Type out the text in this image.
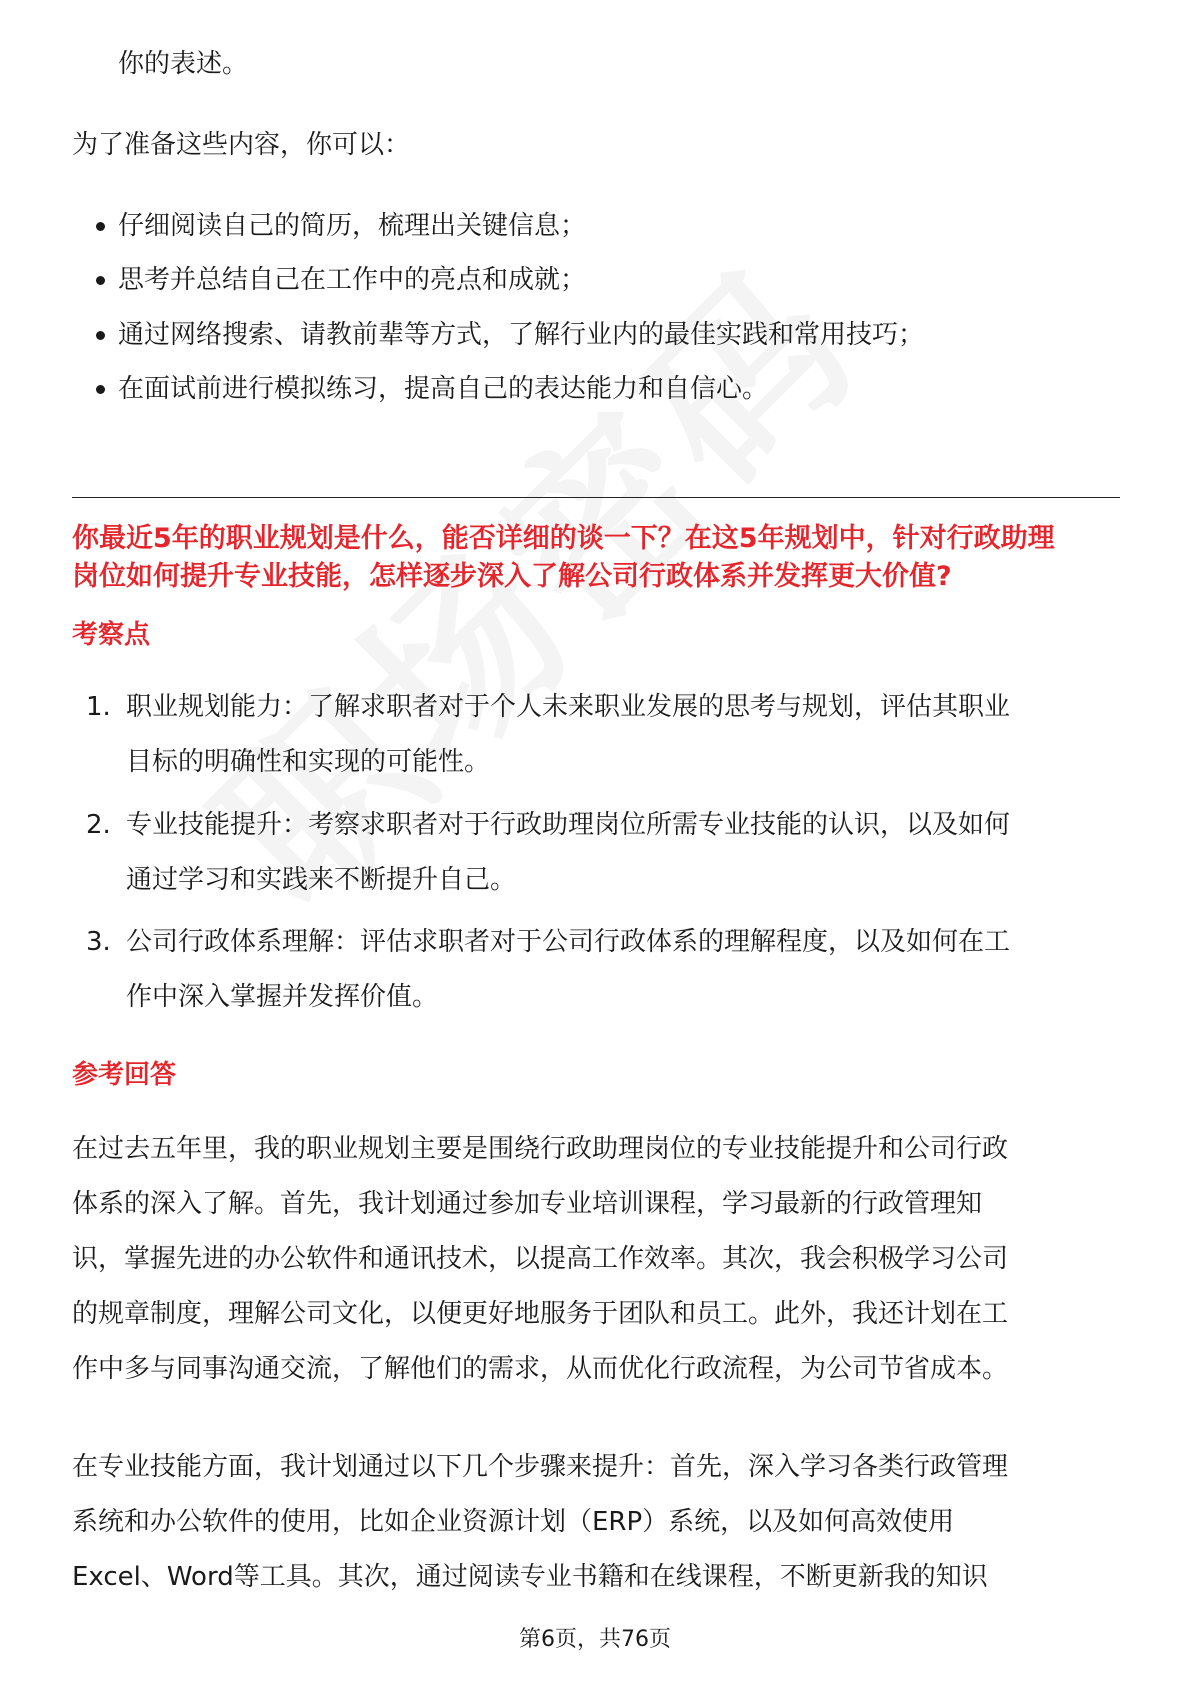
你的表述。
为了准备这些内容，你可以：
仔细阅读自己的简历，梳理出关键信息；
思考并总结自己在工作中的亮点和成就；
通过网络搜索、请教前辈等方式，了解行业内的最佳实践和常用技巧；
在面试前进行模拟练习，提高自己的表达能力和自信心。
你最近5年的职业规划是什么，能否详细的谈一下？在这5年规划中，针对行政助理
岗位如何提升专业技能，怎样逐步深入了解公司行政体系并发挥更大价值?
考察点
1. 职业规划能力：了解求职者对于个人未来职业发展的思考与规划，评估其职业
目标的明确性和实现的可能性。
2. 专业技能提升：考察求职者对于行政助理岗位所需专业技能的认识，以及如何
通过学习和实践来不断提升自己。
3. 公司行政体系理解：评估求职者对于公司行政体系的理解程度，以及如何在工
作中深入掌握并发挥价值。
参考回答
在过去五年里，我的职业规划主要是围绕行政助理岗位的专业技能提升和公司行政
体系的深入了解。首先，我计划通过参加专业培训课程，学习最新的行政管理知
识，掌握先进的办公软件和通讯技术，以提高工作效率。其次，我会积极学习公司
的规章制度，理解公司文化，以便更好地服务于团队和员工。此外，我还计划在工
作中多与同事沟通交流，了解他们的需求，从而优化行政流程，为公司节省成本。
在专业技能方面，我计划通过以下几个步骤来提升：首先，深入学习各类行政管理
系统和办公软件的使用，比如企业资源计划（ERP）系统，以及如何高效使用
Excel、Word等工具。其次，通过阅读专业书籍和在线课程，不断更新我的知识
第6页，共76页
